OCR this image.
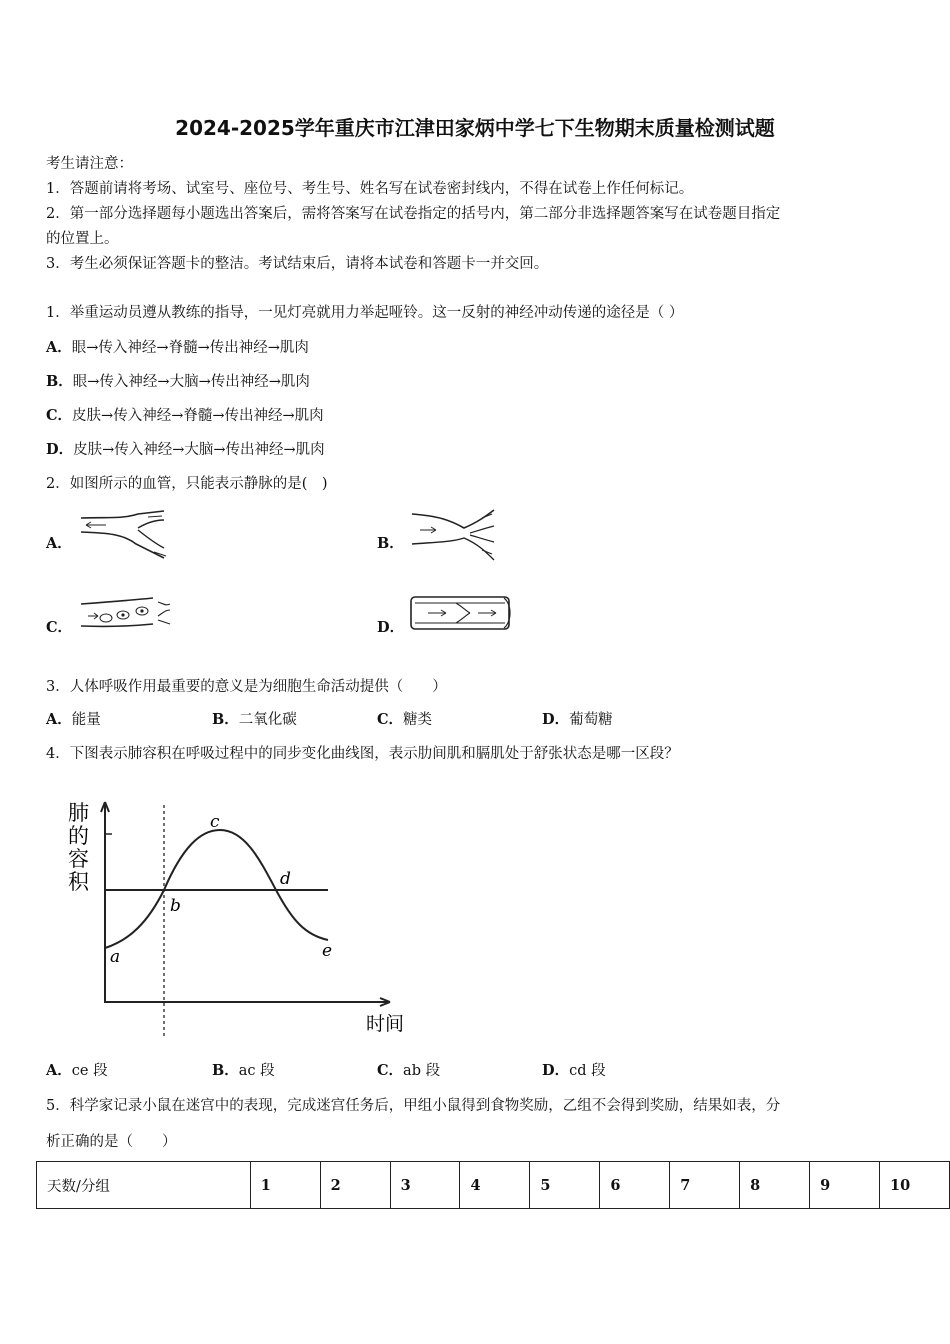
2024-2025学年重庆市江津田家炳中学七下生物期末质量检测试题
考生请注意：
1．答题前请将考场、试室号、座位号、考生号、姓名写在试卷密封线内，不得在试卷上作任何标记。
2．第一部分选择题每小题选出答案后，需将答案写在试卷指定的括号内，第二部分非选择题答案写在试卷题目指定
的位置上。
3．考生必须保证答题卡的整洁。考试结束后，请将本试卷和答题卡一并交回。
1．举重运动员遵从教练的指导，一见灯亮就用力举起哑铃。这一反射的神经冲动传递的途径是（ ）
A．眼→传入神经→脊髓→传出神经→肌肉
B．眼→传入神经→大脑→传出神经→肌肉
C．皮肤→传入神经→脊髓→传出神经→肌肉
D．皮肤→传入神经→大脑→传出神经→肌肉
2．如图所示的血管，只能表示静脉的是(　)
A．	B．
C．	D．
3．人体呼吸作用最重要的意义是为细胞生命活动提供（　　）
A．能量	B．二氧化碳	C．糖类	D．葡萄糖
4．下图表示肺容积在呼吸过程中的同步变化曲线图，表示肋间肌和膈肌处于舒张状态是哪一区段？
肺的容积
a
b
c
d
e
时间
A．ce 段	B．ac 段	C．ab 段	D．cd 段
5．科学家记录小鼠在迷宫中的表现，完成迷宫任务后，甲组小鼠得到食物奖励，乙组不会得到奖励，结果如表，分
析正确的是（　　）
天数/分组	1	2	3	4	5	6	7	8	9	10
